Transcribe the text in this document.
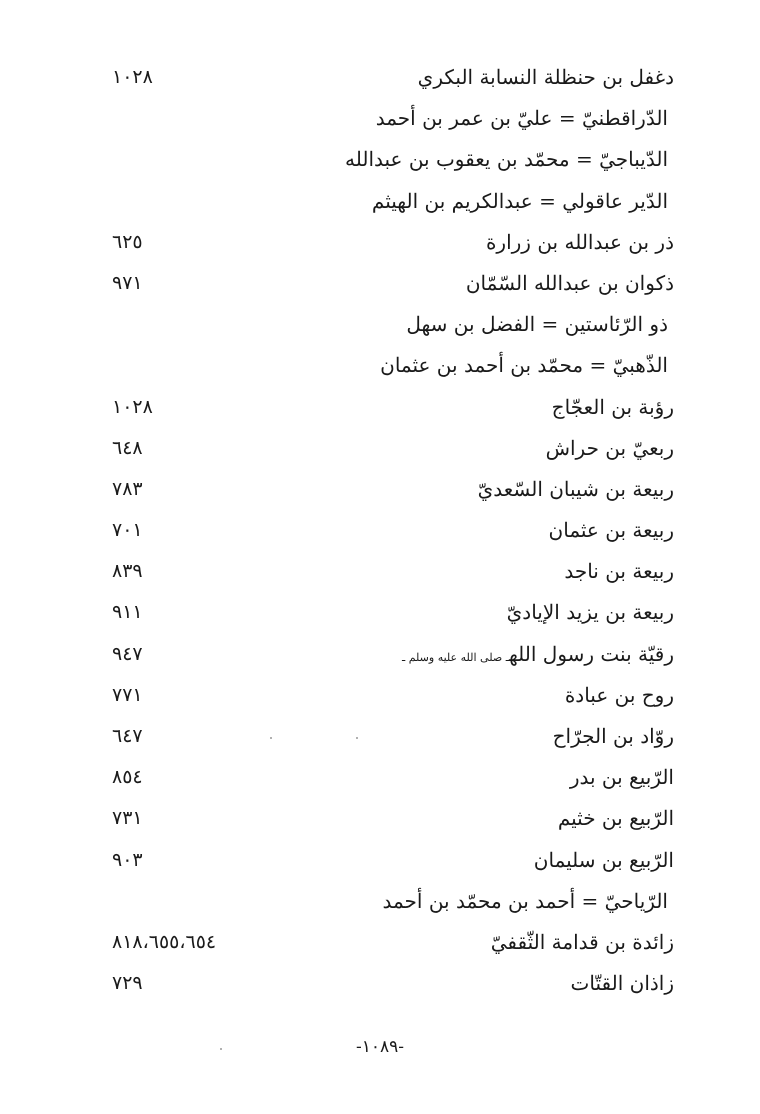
دغفل بن حنظلة النسابة البكري
١٠٢٨
الدّراقطنيّ = عليّ بن عمر بن أحمد
الدّيباجيّ = محمّد بن يعقوب بن عبدالله
الدّير عاقولي = عبدالكريم بن الهيثم
ذر بن عبدالله بن زرارة
٦٢٥
ذكوان بن عبدالله السّمّان
٩٧١
ذو الرّئاستين = الفضل بن سهل
الذّهبيّ = محمّد بن أحمد بن عثمان
رؤبة بن العجّاج
١٠٢٨
ربعيّ بن حراش
٦٤٨
ربيعة بن شيبان السّعديّ
٧٨٣
ربيعة بن عثمان
٧٠١
ربيعة بن ناجد
٨٣٩
ربيعة بن يزيد الإياديّ
٩١١
رقيّة بنت رسول اللهـ صلى الله عليه وسلم ـ
٩٤٧
روح بن عبادة
٧٧١
روّاد بن الجرّاح
٦٤٧
الرّبيع بن بدر
٨٥٤
الرّبيع بن خثيم
٧٣١
الرّبيع بن سليمان
٩٠٣
الرّياحيّ = أحمد بن محمّد بن أحمد
زائدة بن قدامة الثّقفيّ
٨١٨،٦٥٥،٦٥٤
زاذان القتّات
٧٢٩
-١٠٨٩-
